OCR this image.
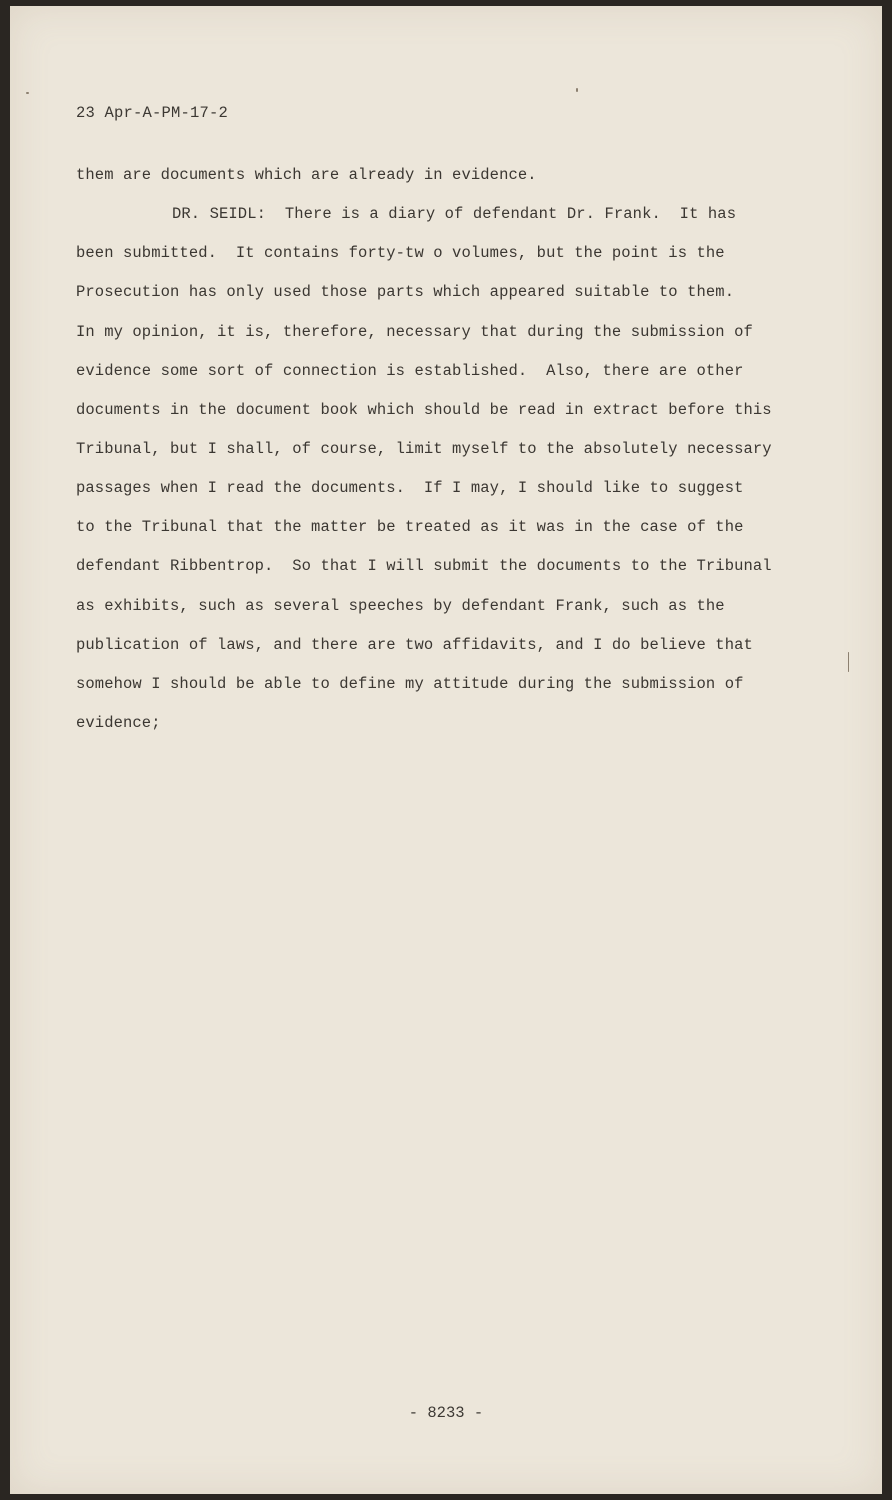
23 Apr-A-PM-17-2
them are documents which are already in evidence.
DR. SEIDL:  There is a diary of defendant Dr. Frank.  It has
been submitted.  It contains forty-tw o volumes, but the point is the
Prosecution has only used those parts which appeared suitable to them.
In my opinion, it is, therefore, necessary that during the submission of
evidence some sort of connection is established.  Also, there are other
documents in the document book which should be read in extract before this
Tribunal, but I shall, of course, limit myself to the absolutely necessary
passages when I read the documents.  If I may, I should like to suggest
to the Tribunal that the matter be treated as it was in the case of the
defendant Ribbentrop.  So that I will submit the documents to the Tribunal
as exhibits, such as several speeches by defendant Frank, such as the
publication of laws, and there are two affidavits, and I do believe that
somehow I should be able to define my attitude during the submission of
evidence;
- 8233 -
